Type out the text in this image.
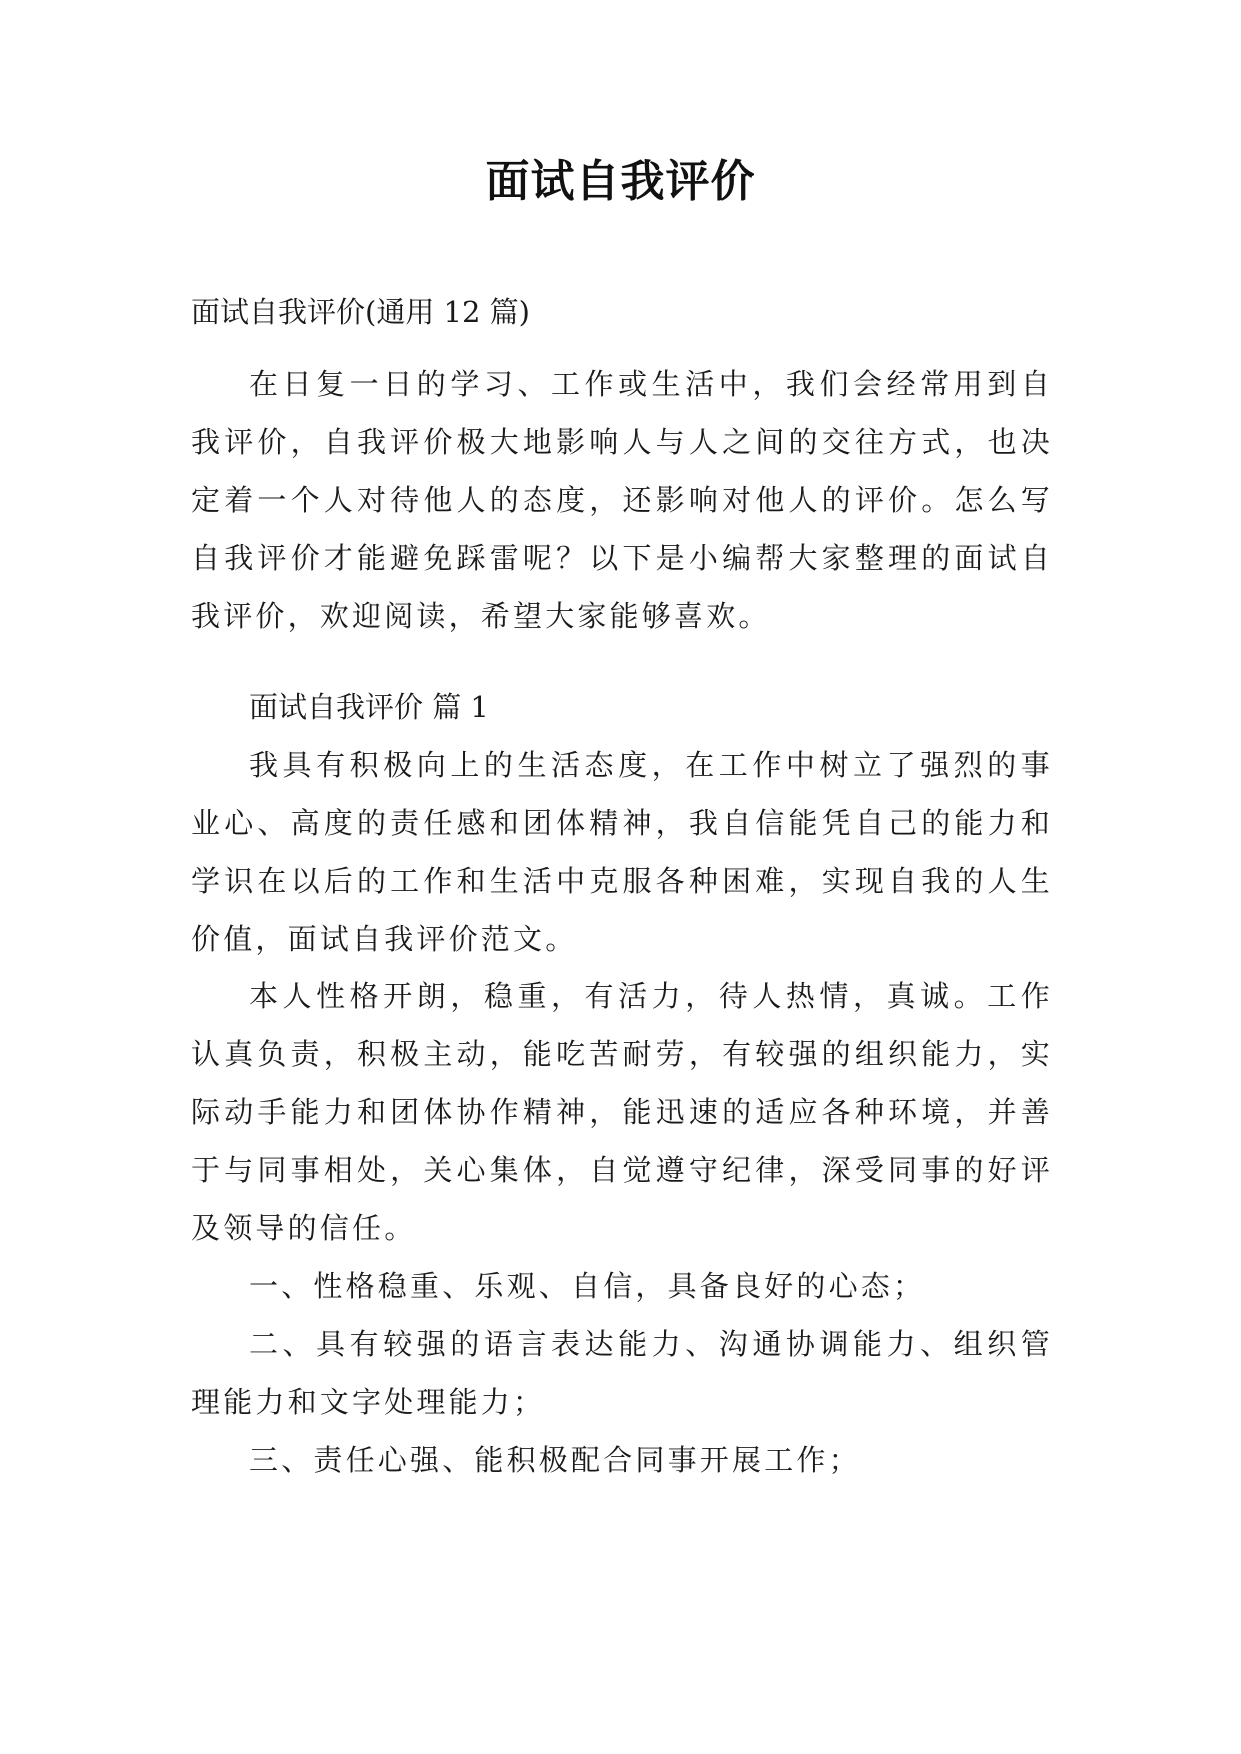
面试自我评价
面试自我评价(通用 12 篇)

在日复一日的学习、工作或生活中，我们会经常用到自我评价，自我评价极大地影响人与人之间的交往方式，也决定着一个人对待他人的态度，还影响对他人的评价。怎么写自我评价才能避免踩雷呢？以下是小编帮大家整理的面试自我评价，欢迎阅读，希望大家能够喜欢。

面试自我评价 篇 1

我具有积极向上的生活态度，在工作中树立了强烈的事业心、高度的责任感和团体精神，我自信能凭自己的能力和学识在以后的工作和生活中克服各种困难，实现自我的人生价值，面试自我评价范文。

本人性格开朗，稳重，有活力，待人热情，真诚。工作认真负责，积极主动，能吃苦耐劳，有较强的组织能力，实际动手能力和团体协作精神，能迅速的适应各种环境，并善于与同事相处，关心集体，自觉遵守纪律，深受同事的好评及领导的信任。

一、性格稳重、乐观、自信，具备良好的心态；

二、具有较强的语言表达能力、沟通协调能力、组织管理能力和文字处理能力；

三、责任心强、能积极配合同事开展工作；
